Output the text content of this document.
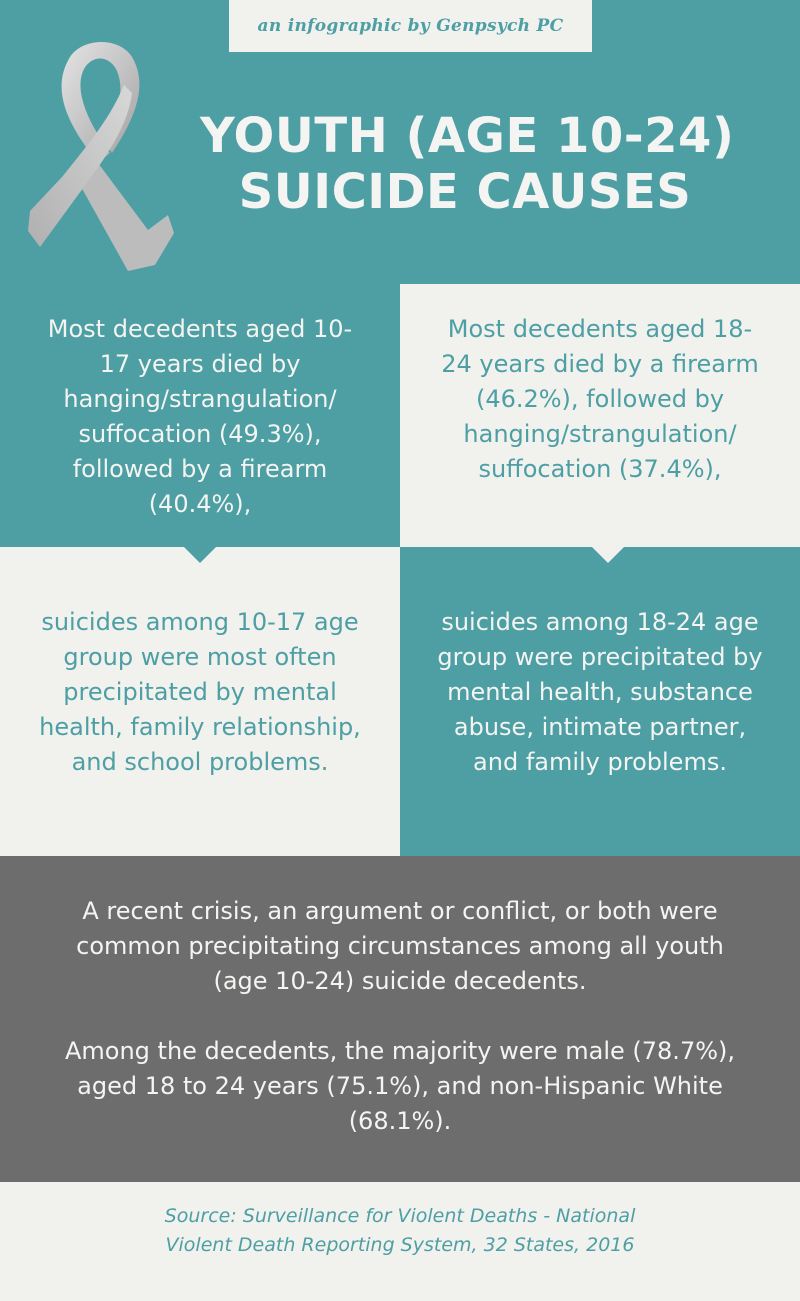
an infographic by Genpsych PC
YOUTH (AGE 10-24)
SUICIDE CAUSES
Most decedents aged 10-17 years died by hanging/strangulation/ suffocation (49.3%), followed by a firearm (40.4%),
Most decedents aged 18-24 years died by a firearm (46.2%), followed by hanging/strangulation/ suffocation (37.4%),
suicides among 10-17 age group were most often precipitated by mental health, family relationship, and school problems.
suicides among 18-24 age group were precipitated by mental health, substance abuse, intimate partner, and family problems.

A recent crisis, an argument or conflict, or both were common precipitating circumstances among all youth (age 10-24) suicide decedents.

Among the decedents, the majority were male (78.7%), aged 18 to 24 years (75.1%), and non-Hispanic White (68.1%).

Source: Surveillance for Violent Deaths - National
Violent Death Reporting System, 32 States, 2016
